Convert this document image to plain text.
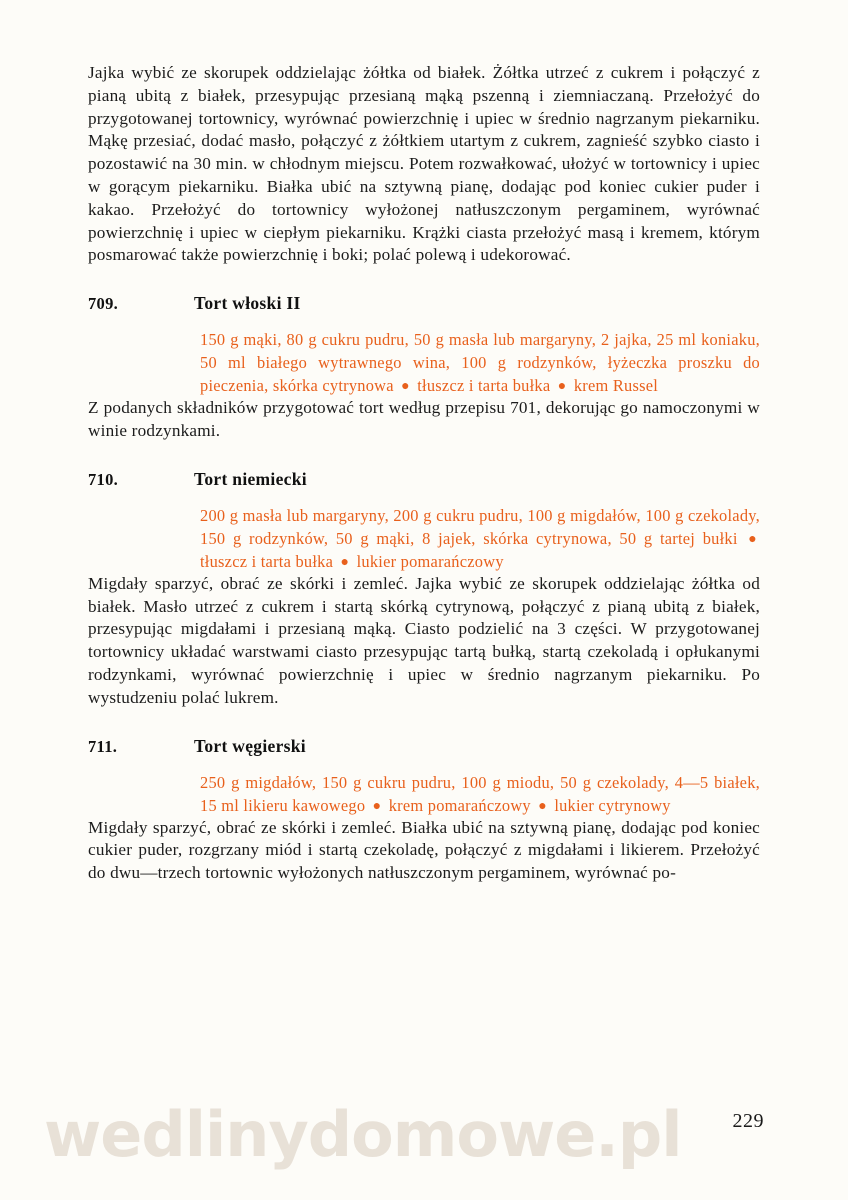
Jajka wybić ze skorupek oddzielając żółtka od białek. Żółtka utrzeć z cukrem i połączyć z pianą ubitą z białek, przesypując przesianą mąką pszenną i ziemniaczaną. Przełożyć do przygotowanej tortownicy, wyrównać powierzchnię i upiec w średnio nagrzanym piekarniku. Mąkę przesiać, dodać masło, połączyć z żółtkiem utartym z cukrem, zagnieść szybko ciasto i pozostawić na 30 min. w chłodnym miejscu. Potem rozwałkować, ułożyć w tortownicy i upiec w gorącym piekarniku. Białka ubić na sztywną pianę, dodając pod koniec cukier puder i kakao. Przełożyć do tortownicy wyłożonej natłuszczonym pergaminem, wyrównać powierzchnię i upiec w ciepłym piekarniku. Krążki ciasta przełożyć masą i kremem, którym posmarować także powierzchnię i boki; polać polewą i udekorować.

709.	Tort włoski II

150 g mąki, 80 g cukru pudru, 50 g masła lub margaryny, 2 jajka, 25 ml koniaku, 50 ml białego wytrawnego wina, 100 g rodzynków, łyżeczka proszku do pieczenia, skórka cytrynowa ● tłuszcz i tarta bułka ● krem Russel

Z podanych składników przygotować tort według przepisu 701, dekorując go namoczonymi w winie rodzynkami.

710.	Tort niemiecki

200 g masła lub margaryny, 200 g cukru pudru, 100 g migdałów, 100 g czekolady, 150 g rodzynków, 50 g mąki, 8 jajek, skórka cytrynowa, 50 g tartej bułki ● tłuszcz i tarta bułka ● lukier pomarańczowy

Migdały sparzyć, obrać ze skórki i zemleć. Jajka wybić ze skorupek oddzielając żółtka od białek. Masło utrzeć z cukrem i startą skórką cytrynową, połączyć z pianą ubitą z białek, przesypując migdałami i przesianą mąką. Ciasto podzielić na 3 części. W przygotowanej tortownicy układać warstwami ciasto przesypując tartą bułką, startą czekoladą i opłukanymi rodzynkami, wyrównać powierzchnię i upiec w średnio nagrzanym piekarniku. Po wystudzeniu polać lukrem.

711.	Tort węgierski

250 g migdałów, 150 g cukru pudru, 100 g miodu, 50 g czekolady, 4—5 białek, 15 ml likieru kawowego ● krem pomarańczowy ● lukier cytrynowy

Migdały sparzyć, obrać ze skórki i zemleć. Białka ubić na sztywną pianę, dodając pod koniec cukier puder, rozgrzany miód i startą czekoladę, połączyć z migdałami i likierem. Przełożyć do dwu—trzech tortownic wyłożonych natłuszczonym pergaminem, wyrównać po-

wedlinydomowe.pl	229
